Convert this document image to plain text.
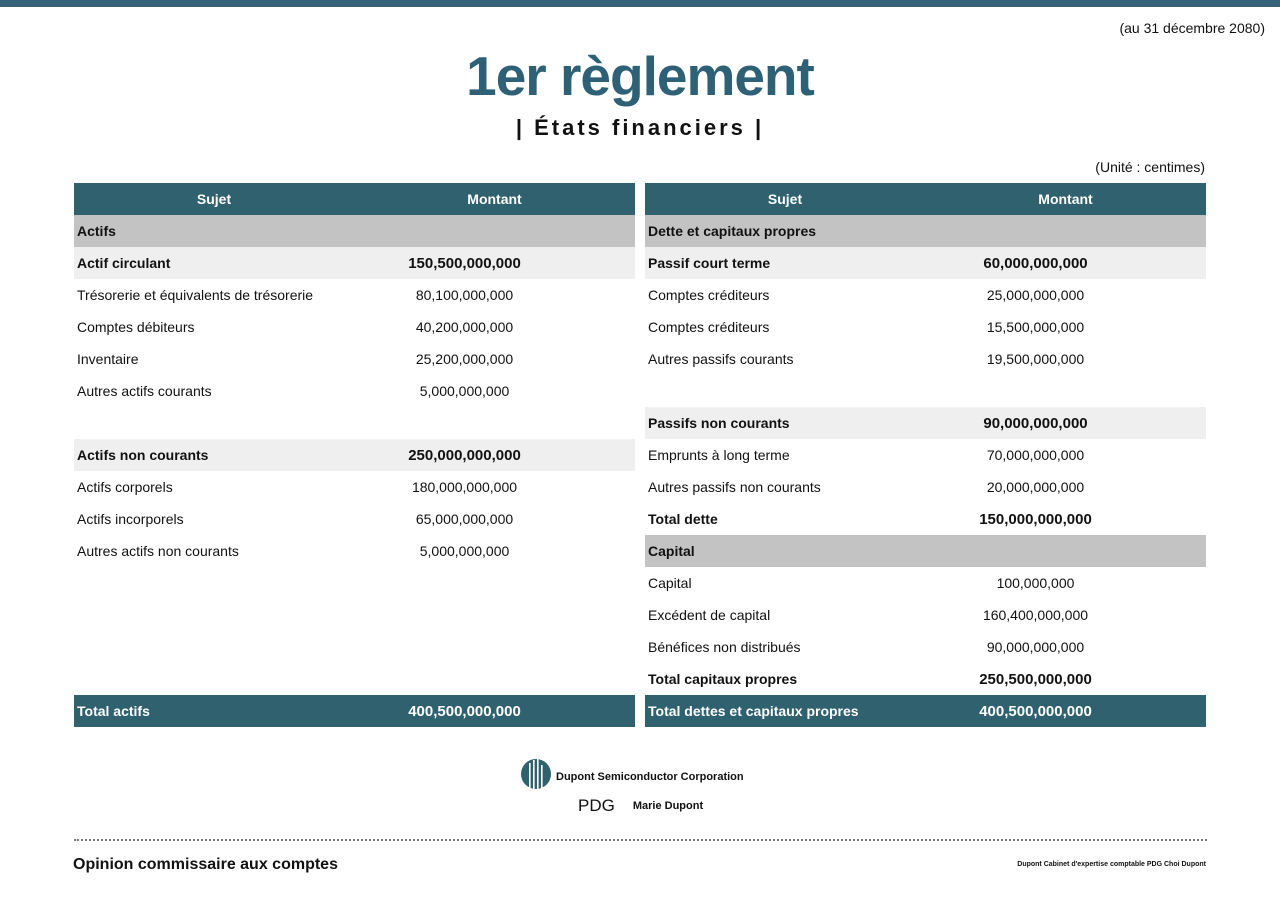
(au 31 décembre 2080)
1er règlement
| États financiers |
(Unité : centimes)
Sujet	Montant
Actifs
Actif circulant	150,500,000,000
Trésorerie et équivalents de trésorerie	80,100,000,000
Comptes débiteurs	40,200,000,000
Inventaire	25,200,000,000
Autres actifs courants	5,000,000,000
Actifs non courants	250,000,000,000
Actifs corporels	180,000,000,000
Actifs incorporels	65,000,000,000
Autres actifs non courants	5,000,000,000
Total actifs	400,500,000,000
Sujet	Montant
Dette et capitaux propres
Passif court terme	60,000,000,000
Comptes créditeurs	25,000,000,000
Comptes créditeurs	15,500,000,000
Autres passifs courants	19,500,000,000
Passifs non courants	90,000,000,000
Emprunts à long terme	70,000,000,000
Autres passifs non courants	20,000,000,000
Total dette	150,000,000,000
Capital
Capital	100,000,000
Excédent de capital	160,400,000,000
Bénéfices non distribués	90,000,000,000
Total capitaux propres	250,500,000,000
Total dettes et capitaux propres	400,500,000,000
Dupont Semiconductor Corporation
PDG Marie Dupont
Opinion commissaire aux comptes	Dupont Cabinet d'expertise comptable PDG Choi Dupont
